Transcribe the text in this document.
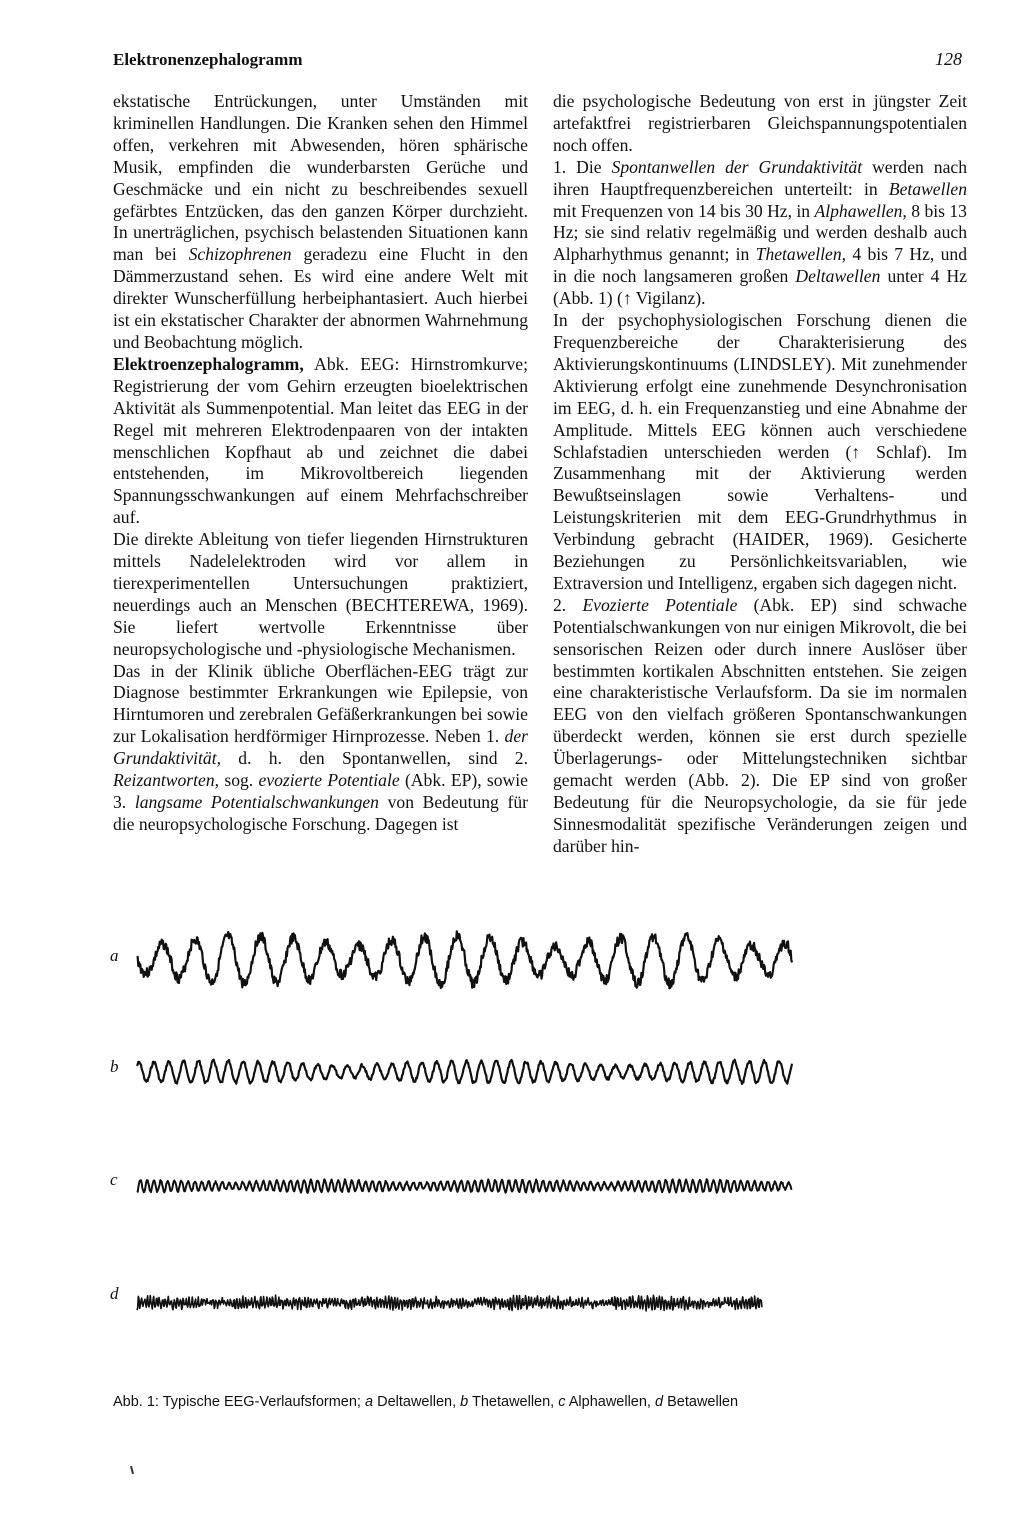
Elektronenzephalogramm	128

ekstatische Entrückungen, unter Umständen mit kriminellen Handlungen. Die Kranken sehen den Himmel offen, verkehren mit Abwesenden, hören sphärische Musik, empfinden die wunderbarsten Gerüche und Geschmäcke und ein nicht zu beschreibendes sexuell gefärbtes Entzücken, das den ganzen Körper durchzieht. In unerträglichen, psychisch belastenden Situationen kann man bei Schizophrenen geradezu eine Flucht in den Dämmerzustand sehen. Es wird eine andere Welt mit direkter Wunscherfüllung herbeiphantasiert. Auch hierbei ist ein ekstatischer Charakter der abnormen Wahrnehmung und Beobachtung möglich.

Elektroenzephalogramm, Abk. EEG: Hirnstromkurve; Registrierung der vom Gehirn erzeugten bioelektrischen Aktivität als Summenpotential. Man leitet das EEG in der Regel mit mehreren Elektrodenpaaren von der intakten menschlichen Kopfhaut ab und zeichnet die dabei entstehenden, im Mikrovoltbereich liegenden Spannungsschwankungen auf einem Mehrfachschreiber auf.

Die direkte Ableitung von tiefer liegenden Hirnstrukturen mittels Nadelelektroden wird vor allem in tierexperimentellen Untersuchungen praktiziert, neuerdings auch an Menschen (BECHTEREWA, 1969). Sie liefert wertvolle Erkenntnisse über neuropsychologische und -physiologische Mechanismen.

Das in der Klinik übliche Oberflächen-EEG trägt zur Diagnose bestimmter Erkrankungen wie Epilepsie, von Hirntumoren und zerebralen Gefäßerkrankungen bei sowie zur Lokalisation herdförmiger Hirnprozesse. Neben 1. der Grundaktivität, d. h. den Spontanwellen, sind 2. Reizantworten, sog. evozierte Potentiale (Abk. EP), sowie 3. langsame Potentialschwankungen von Bedeutung für die neuropsychologische Forschung. Dagegen ist

die psychologische Bedeutung von erst in jüngster Zeit artefaktfrei registrierbaren Gleichspannungspotentialen noch offen.

1. Die Spontanwellen der Grundaktivität werden nach ihren Hauptfrequenzbereichen unterteilt: in Betawellen mit Frequenzen von 14 bis 30 Hz, in Alphawellen, 8 bis 13 Hz; sie sind relativ regelmäßig und werden deshalb auch Alpharhythmus genannt; in Thetawellen, 4 bis 7 Hz, und in die noch langsameren großen Deltawellen unter 4 Hz (Abb. 1) (↑ Vigilanz).

In der psychophysiologischen Forschung dienen die Frequenzbereiche der Charakterisierung des Aktivierungskontinuums (LINDSLEY). Mit zunehmender Aktivierung erfolgt eine zunehmende Desynchronisation im EEG, d. h. ein Frequenzanstieg und eine Abnahme der Amplitude. Mittels EEG können auch verschiedene Schlafstadien unterschieden werden (↑ Schlaf). Im Zusammenhang mit der Aktivierung werden Bewußtseinslagen sowie Verhaltens- und Leistungskriterien mit dem EEG-Grundrhythmus in Verbindung gebracht (HAIDER, 1969). Gesicherte Beziehungen zu Persönlichkeitsvariablen, wie Extraversion und Intelligenz, ergaben sich dagegen nicht.

2. Evozierte Potentiale (Abk. EP) sind schwache Potentialschwankungen von nur einigen Mikrovolt, die bei sensorischen Reizen oder durch innere Auslöser über bestimmten kortikalen Abschnitten entstehen. Sie zeigen eine charakteristische Verlaufsform. Da sie im normalen EEG von den vielfach größeren Spontanschwankungen überdeckt werden, können sie erst durch spezielle Überlagerungs- oder Mittelungstechniken sichtbar gemacht werden (Abb. 2). Die EP sind von großer Bedeutung für die Neuropsychologie, da sie für jede Sinnesmodalität spezifische Veränderungen zeigen und darüber hin-

a
b
c
d
Abb. 1: Typische EEG-Verlaufsformen; a Deltawellen, b Thetawellen, c Alphawellen, d Betawellen
